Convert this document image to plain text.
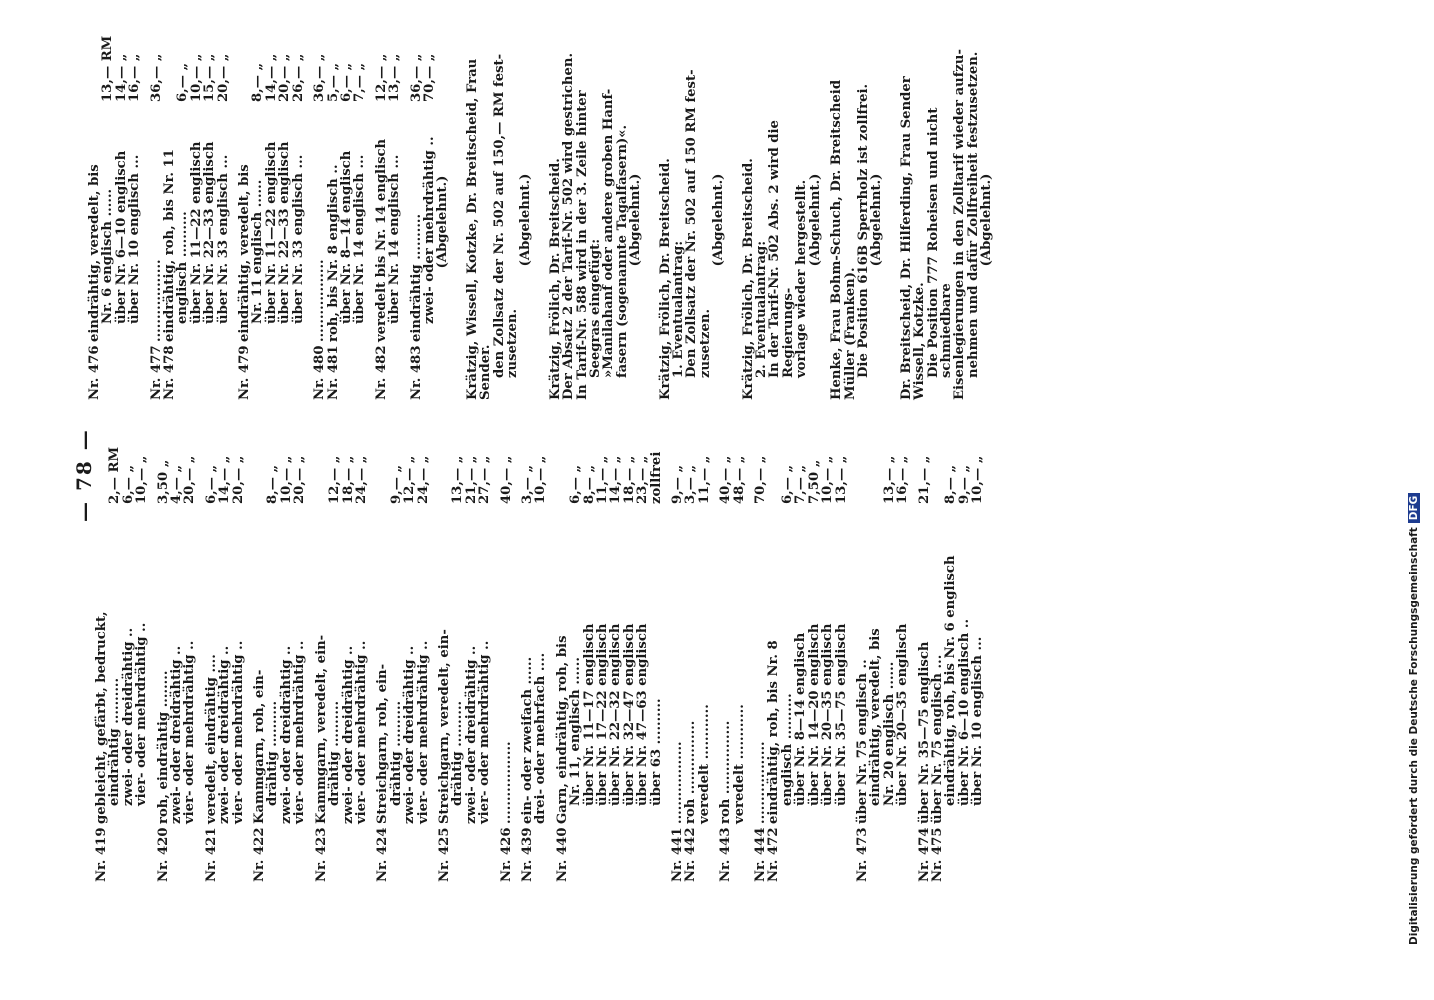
— 78 —
Nr. 419
gebleicht, gefärbt, bedruckt,
eindrähtig ..........
2,— RM
zwei- oder dreidrähtig ..
6,— „
vier- oder mehrdrähtig ..
10,— „
Nr. 420
roh, eindrähtig ........
3,50 „
zwei- oder dreidrähtig ..
4,— „
vier- oder mehrdrähtig ..
20,— „
Nr. 421
veredelt, eindrähtig ....
6,— „
zwei- oder dreidrähtig ..
14,— „
vier- oder mehrdrähtig ..
20,— „
Nr. 422
Kammgarn, roh, ein-
drähtig ..........
8,— „
zwei- oder dreidrähtig ..
10,— „
vier- oder mehrdrähtig ..
20,— „
Nr. 423
Kammgarn, veredelt, ein-
drähtig ..........
12,— „
zwei- oder dreidrähtig ..
18,— „
vier- oder mehrdrähtig ..
24,— „
Nr. 424
Streichgarn, roh, ein-
drähtig ..........
9,— „
zwei- oder dreidrähtig ..
12,— „
vier- oder mehrdrähtig ..
24,— „
Nr. 425
Streichgarn, veredelt, ein-
drähtig ..........
13,— „
zwei- oder dreidrähtig ..
21,— „
vier- oder mehrdrähtig ..
27,— „
Nr. 426
..................
40,— „
Nr. 439
ein- oder zweifach ......
3,— „
drei- oder mehrfach ....
10,— „
Nr. 440
Garn, eindrähtig, roh, bis
Nr. 11, englisch ......
6,— „
über Nr. 11—17 englisch
8,— „
über Nr. 17—22 englisch
11,— „
über Nr. 22—32 englisch
14,— „
über Nr. 32—47 englisch
18,— „
über Nr. 47—63 englisch
23,— „
über 63 ..........
zollfrei
Nr. 441
..................
9,— „
Nr. 442
roh ................
3,— „
veredelt ............
11,— „
Nr. 443
roh ................
40,— „
veredelt ............
48,— „
Nr. 444
..................
70,— „
Nr. 472
eindrähtig, roh, bis Nr. 8
englisch ..........
6,— „
über Nr. 8—14 englisch
7,— „
über Nr. 14—20 englisch
7,50 „
über Nr. 20—35 englisch
10,— „
über Nr. 35—75 englisch
13,— „
Nr. 473
über Nr. 75 englisch ..
eindrähtig, veredelt, bis
Nr. 20 englisch ......
13,— „
über Nr. 20—35 englisch
16,— „
Nr. 474
über Nr. 35—75 englisch
21,— „
Nr. 475
über Nr. 75 englisch ...
eindrähtig, roh, bis Nr. 6 englisch
8,— „
über Nr. 6—10 englisch ..
9,— „
über Nr. 10 englisch ...
10,— „
Nr. 476
eindrähtig, veredelt, bis
Nr. 6 englisch ......
13,— RM
über Nr. 6—10 englisch
14,— „
über Nr. 10 englisch ...
16,— „
Nr. 477
..................
36,— „
Nr. 478
eindrähtig, roh, bis Nr. 11
englisch ..........
6,— „
über Nr. 11—22 englisch
10,— „
über Nr. 22—33 englisch
15,— „
über Nr. 33 englisch ...
20,— „
Nr. 479
eindrähtig, veredelt, bis
Nr. 11 englisch ......
8,— „
über Nr. 11—22 englisch
14,— „
über Nr. 22—33 englisch
20,— „
über Nr. 33 englisch ...
26,— „
Nr. 480
..................
36,— „
Nr. 481
roh, bis Nr. 8 englisch ..
5,— „
über Nr. 8—14 englisch
6,— „
über Nr. 14 englisch ...
7,— „
Nr. 482
veredelt bis Nr. 14 englisch
12,— „
über Nr. 14 englisch ...
13,— „
Nr. 483
eindrähtig ..........
36,— „
zwei- oder mehrdrähtig ..
70,— „
(Abgelehnt.) Krätzig, Wissell, Kotzke, Dr. Breitscheid, Frau
Sender.
den Zollsatz der Nr. 502 auf 150,— RM fest-
zusetzen.
(Abgelehnt.) Krätzig, Frölich, Dr. Breitscheid.
Der Absatz 2 der Tarif-Nr. 502 wird gestrichen.
In Tarif-Nr. 588 wird in der 3. Zeile hinter
Seegras eingefügt:
»Manilahanf oder andere groben Hanf-
fasern (sogenannte Tagalfasern)«.
(Abgelehnt.) Krätzig, Frölich, Dr. Breitscheid.
1. Eventualantrag:
Den Zollsatz der Nr. 502 auf 150 RM fest-
zusetzen.
(Abgelehnt.) Krätzig, Frölich, Dr. Breitscheid.
2. Eventualantrag:
In der Tarif-Nr. 502 Abs. 2 wird die Regierungs-
vorlage wieder hergestellt.
(Abgelehnt.) Henke, Frau Bohm-Schuch, Dr. Breitscheid
Müller (Franken).
Die Position 616B Sperrholz ist zollfrei.
(Abgelehnt.) Dr. Breitscheid, Dr. Hilferding, Frau Sender
Wissell, Kotzke.
Die Position 777 Roheisen und nicht schmiedbare
Eisenlegierungen in den Zolltarif wieder aufzu-
nehmen und dafür Zollfreiheit festzusetzen.
(Abgelehnt.)
Digitalisierung gefördert durch die Deutsche ForschungsgemeinschaftDFG
